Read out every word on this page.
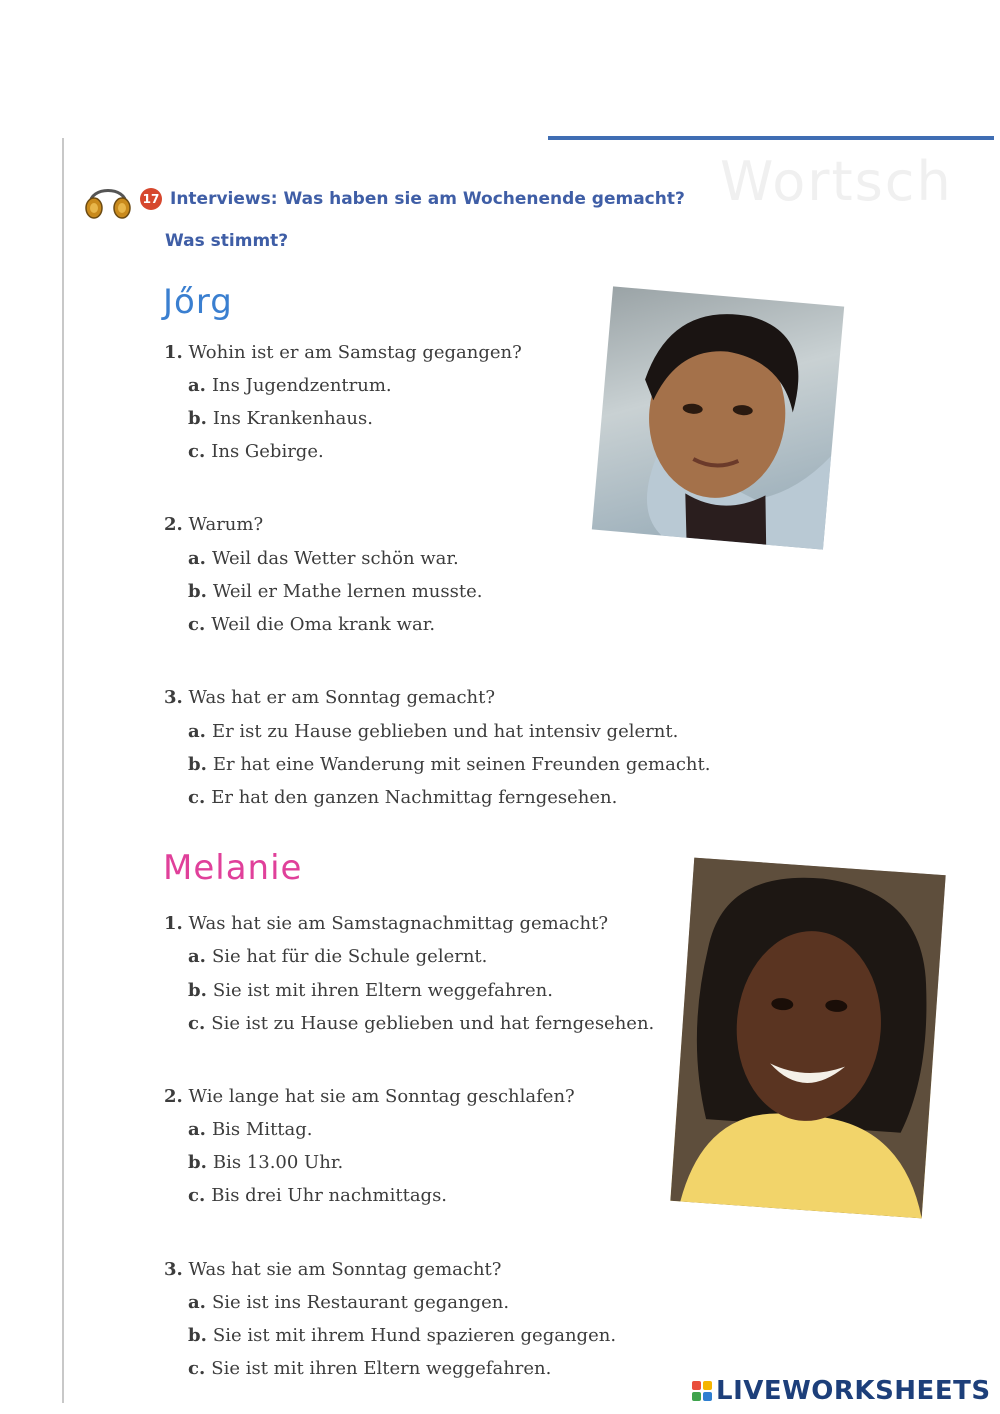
Wortsch
17 Interviews: Was haben sie am Wochenende gemacht?
Was stimmt?
Jőrg
1. Wohin ist er am Samstag gegangen?
a. Ins Jugendzentrum.
b. Ins Krankenhaus.
c. Ins Gebirge.
2. Warum?
a. Weil das Wetter schön war.
b. Weil er Mathe lernen musste.
c. Weil die Oma krank war.
3. Was hat er am Sonntag gemacht?
a. Er ist zu Hause geblieben und hat intensiv gelernt.
b. Er hat eine Wanderung mit seinen Freunden gemacht.
c. Er hat den ganzen Nachmittag ferngesehen.
Melanie
1. Was hat sie am Samstagnachmittag gemacht?
a. Sie hat für die Schule gelernt.
b. Sie ist mit ihren Eltern weggefahren.
c. Sie ist zu Hause geblieben und hat ferngesehen.
2. Wie lange hat sie am Sonntag geschlafen?
a. Bis Mittag.
b. Bis 13.00 Uhr.
c. Bis drei Uhr nachmittags.
3. Was hat sie am Sonntag gemacht?
a. Sie ist ins Restaurant gegangen.
b. Sie ist mit ihrem Hund spazieren gegangen.
c. Sie ist mit ihren Eltern weggefahren.
LIVEWORKSHEETS
